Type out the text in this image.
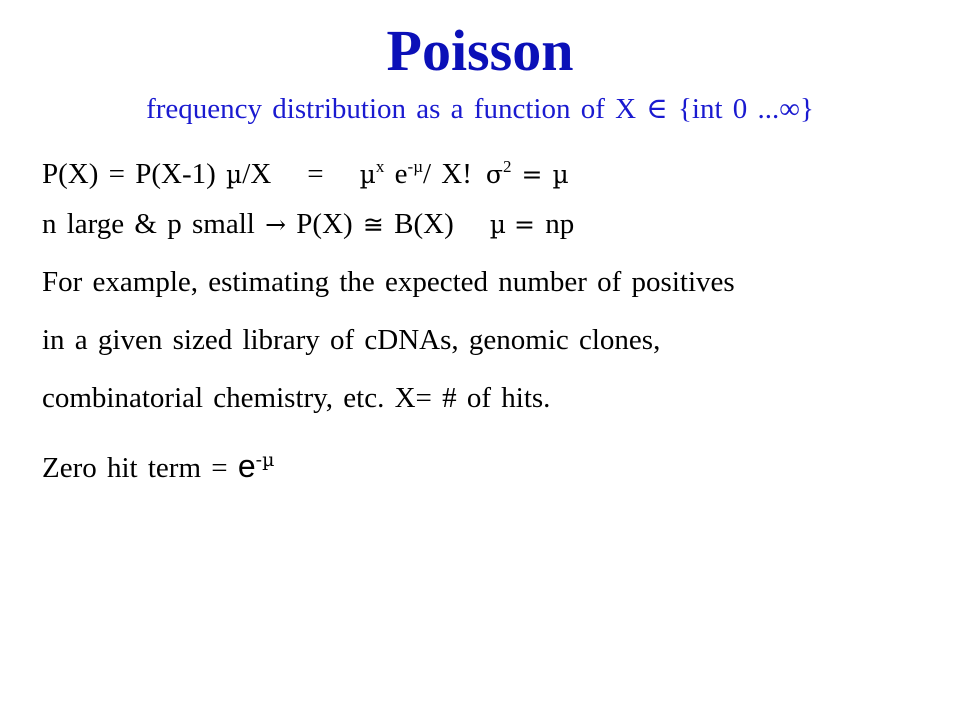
Poisson
frequency distribution as a function of X ∈ {int 0 ...∞}
P(X) = P(X-1) µ/X = µ$^x$ $e^{-\mu}/$ X! $\sigma^2 = \mu$
n large & p small → P(X) ≅ B(X) µ = np
For example, estimating the expected number of positives
in a given sized library of cDNAs, genomic clones,
combinatorial chemistry, etc. X= # of hits.
Zero hit term = $e^{-\mu}$
